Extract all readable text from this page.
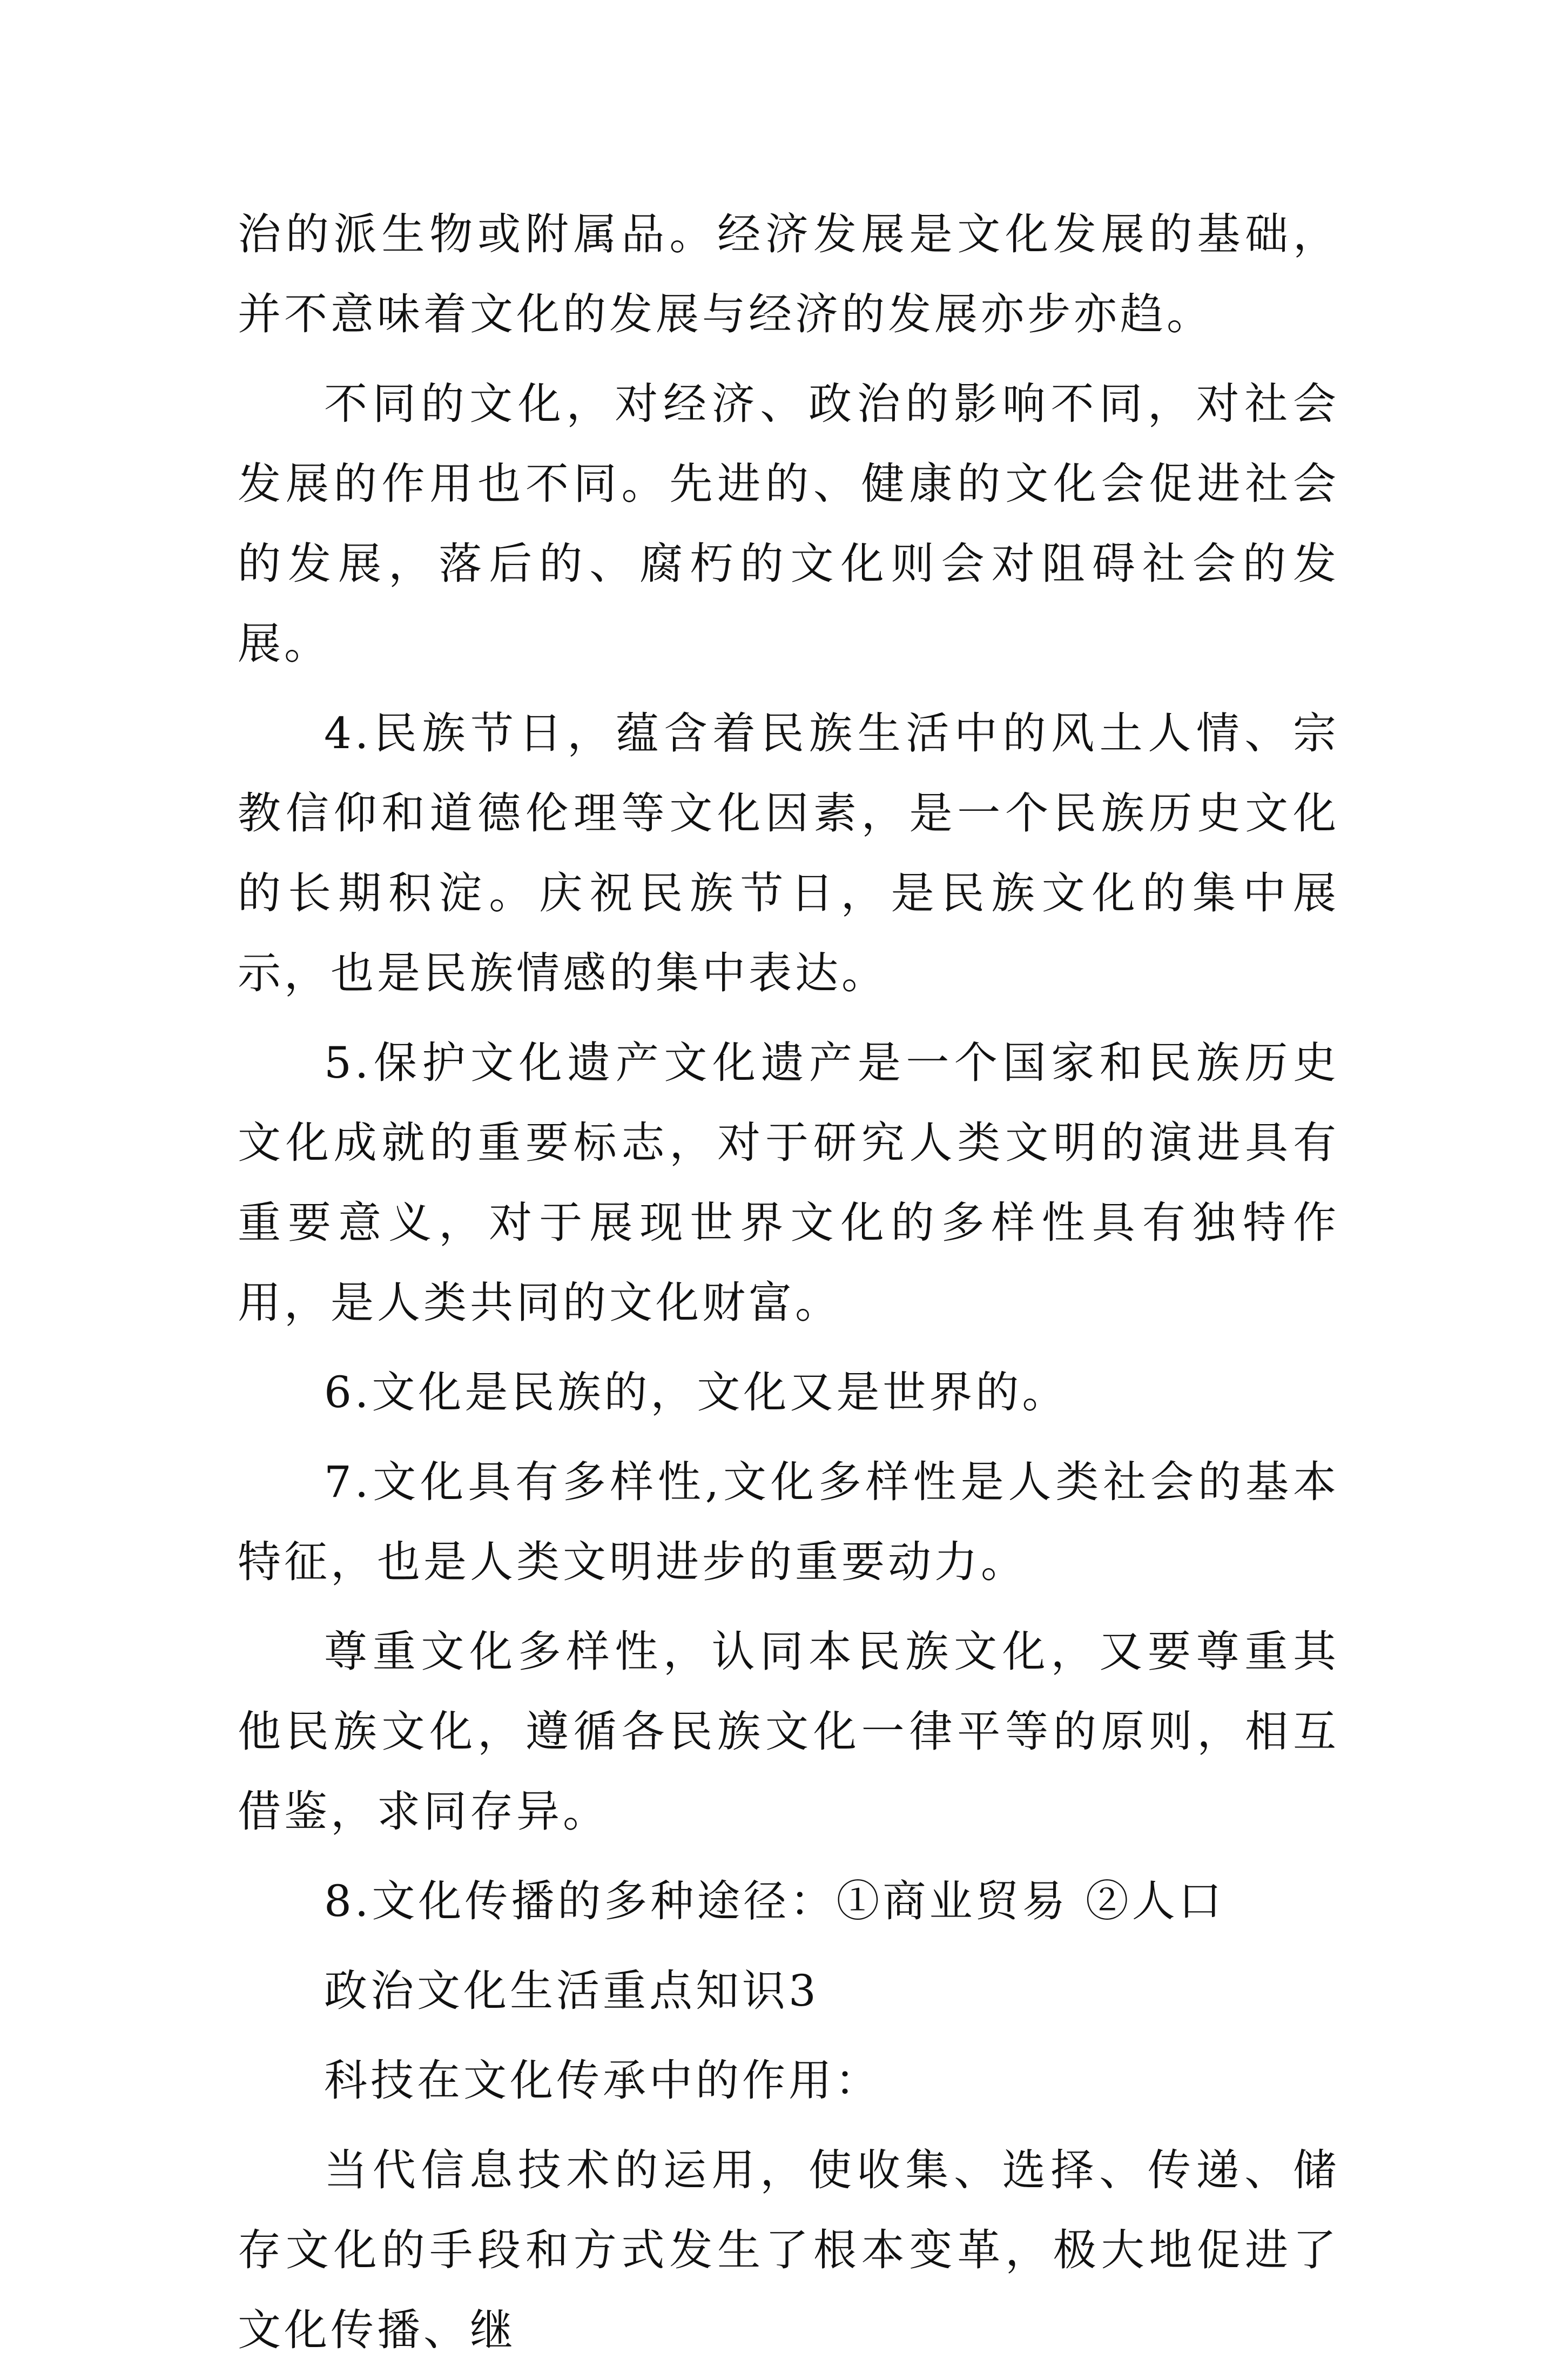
治的派生物或附属品。经济发展是文化发展的基础，并不意味着文化的发展与经济的发展亦步亦趋。

不同的文化，对经济、政治的影响不同，对社会发展的作用也不同。先进的、健康的文化会促进社会的发展，落后的、腐朽的文化则会对阻碍社会的发展。

4.民族节日，蕴含着民族生活中的风土人情、宗教信仰和道德伦理等文化因素，是一个民族历史文化的长期积淀。庆祝民族节日，是民族文化的集中展示，也是民族情感的集中表达。

5.保护文化遗产文化遗产是一个国家和民族历史文化成就的重要标志，对于研究人类文明的演进具有重要意义，对于展现世界文化的多样性具有独特作用，是人类共同的文化财富。

6.文化是民族的，文化又是世界的。

7.文化具有多样性,文化多样性是人类社会的基本特征，也是人类文明进步的重要动力。

尊重文化多样性，认同本民族文化，又要尊重其他民族文化，遵循各民族文化一律平等的原则，相互借鉴，求同存异。

8.文化传播的多种途径：①商业贸易 ②人口

政治文化生活重点知识3

科技在文化传承中的作用：

当代信息技术的运用，使收集、选择、传递、储存文化的手段和方式发生了根本变革，极大地促进了文化传播、继
